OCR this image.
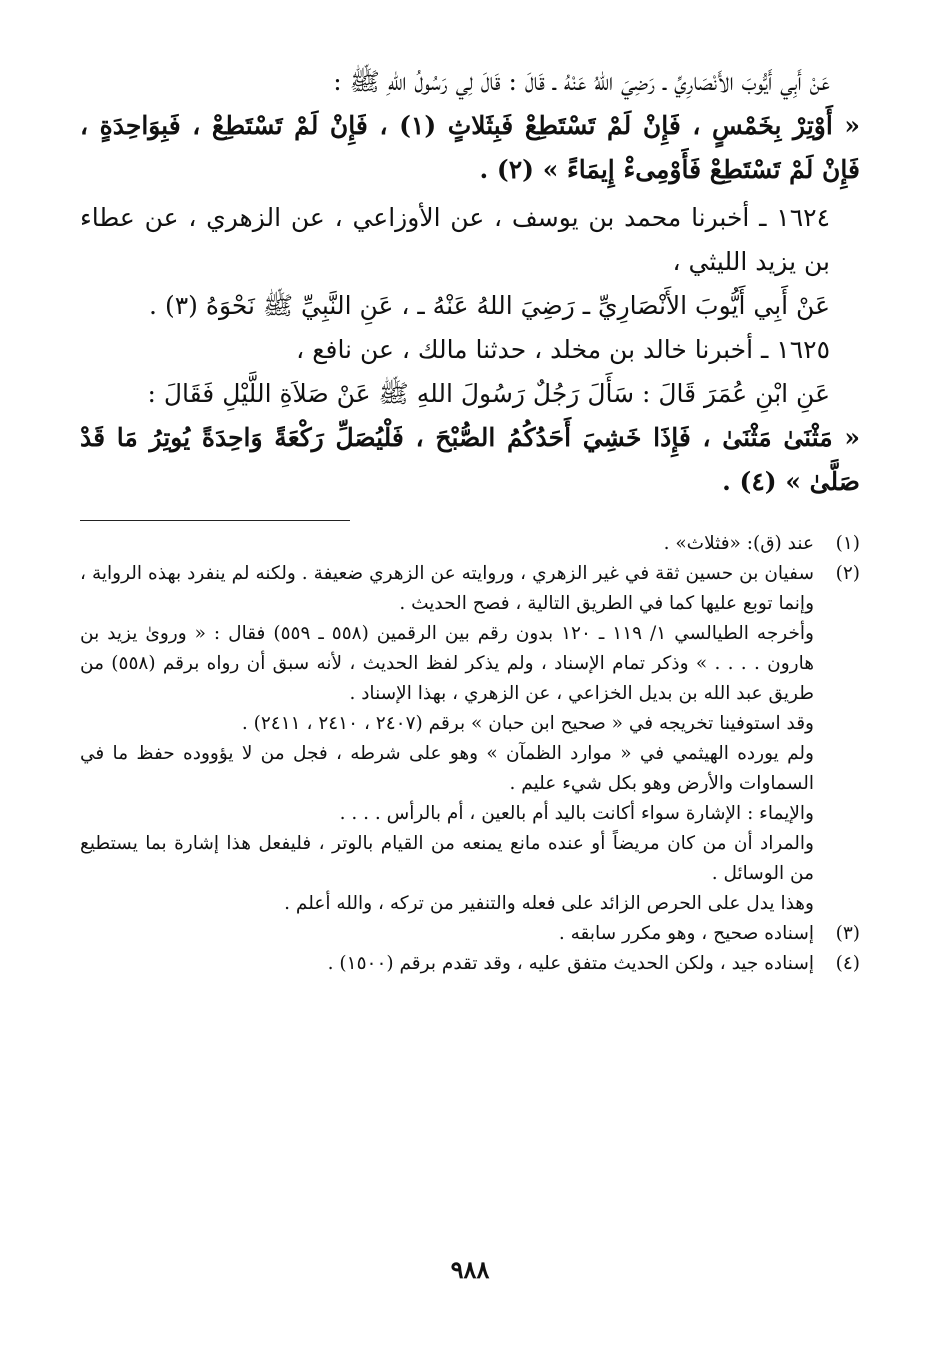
عَنْ أَبِي أَيُّوبَ الأَنْصَارِيِّ ـ رَضِيَ اللهُ عَنْهُ ـ قَالَ : قَالَ لِي رَسُولُ اللهِ ﷺ :

« أَوْتِرْ بِخَمْسٍ ، فَإِنْ لَمْ تَسْتَطِعْ فَبِثَلاثٍ (١) ، فَإِنْ لَمْ تَسْتَطِعْ ، فَبِوَاحِدَةٍ ، فَإِنْ لَمْ تَسْتَطِعْ فَأَوْمِىءْ إِيمَاءً » (٢) .

١٦٢٤ ـ أخبرنا محمد بن يوسف ، عن الأوزاعي ، عن الزهري ، عن عطاء بن يزيد الليثي ،

عَنْ أَبِي أَيُّوبَ الأَنْصَارِيِّ ـ رَضِيَ اللهُ عَنْهُ ـ ، عَنِ النَّبِيِّ ﷺ نَحْوَهُ (٣) .

١٦٢٥ ـ أخبرنا خالد بن مخلد ، حدثنا مالك ، عن نافع ،

عَنِ ابْنِ عُمَرَ قَالَ : سَأَلَ رَجُلٌ رَسُولَ اللهِ ﷺ عَنْ صَلاَةِ اللَّيْلِ فَقَالَ :

« مَثْنَىٰ مَثْنَىٰ ، فَإِذَا خَشِيَ أَحَدُكُمُ الصُّبْحَ ، فَلْيُصَلِّ رَكْعَةً وَاحِدَةً يُوتِرُ مَا قَدْ صَلَّىٰ » (٤) .

(١)
عند (ق): «فثلاث» .
(٢)
سفيان بن حسين ثقة في غير الزهري ، وروايته عن الزهري ضعيفة . ولكنه لم ينفرد بهذه الرواية ، وإنما توبع عليها كما في الطريق التالية ، فصح الحديث .
وأخرجه الطيالسي ١/ ١١٩ ـ ١٢٠ بدون رقم بين الرقمين (٥٥٨ ـ ٥٥٩) فقال : « وروىٰ يزيد بن هارون . . . . » وذكر تمام الإسناد ، ولم يذكر لفظ الحديث ، لأنه سبق أن رواه برقم (٥٥٨) من طريق عبد الله بن بديل الخزاعي ، عن الزهري ، بهذا الإسناد .
وقد استوفينا تخريجه في « صحيح ابن حبان » برقم (٢٤٠٧ ، ٢٤١٠ ، ٢٤١١) .
ولم يورده الهيثمي في « موارد الظمآن » وهو على شرطه ، فجل من لا يؤووده حفظ ما في السماوات والأرض وهو بكل شيء عليم .
والإيماء : الإشارة سواء أكانت باليد أم بالعين ، أم بالرأس . . . .
والمراد أن من كان مريضاً أو عنده مانع يمنعه من القيام بالوتر ، فليفعل هذا إشارة بما يستطيع من الوسائل .
وهذا يدل على الحرص الزائد على فعله والتنفير من تركه ، والله أعلم .
(٣)
إسناده صحيح ، وهو مكرر سابقه .
(٤)
إسناده جيد ، ولكن الحديث متفق عليه ، وقد تقدم برقم (١٥٠٠) .
٩٨٨
